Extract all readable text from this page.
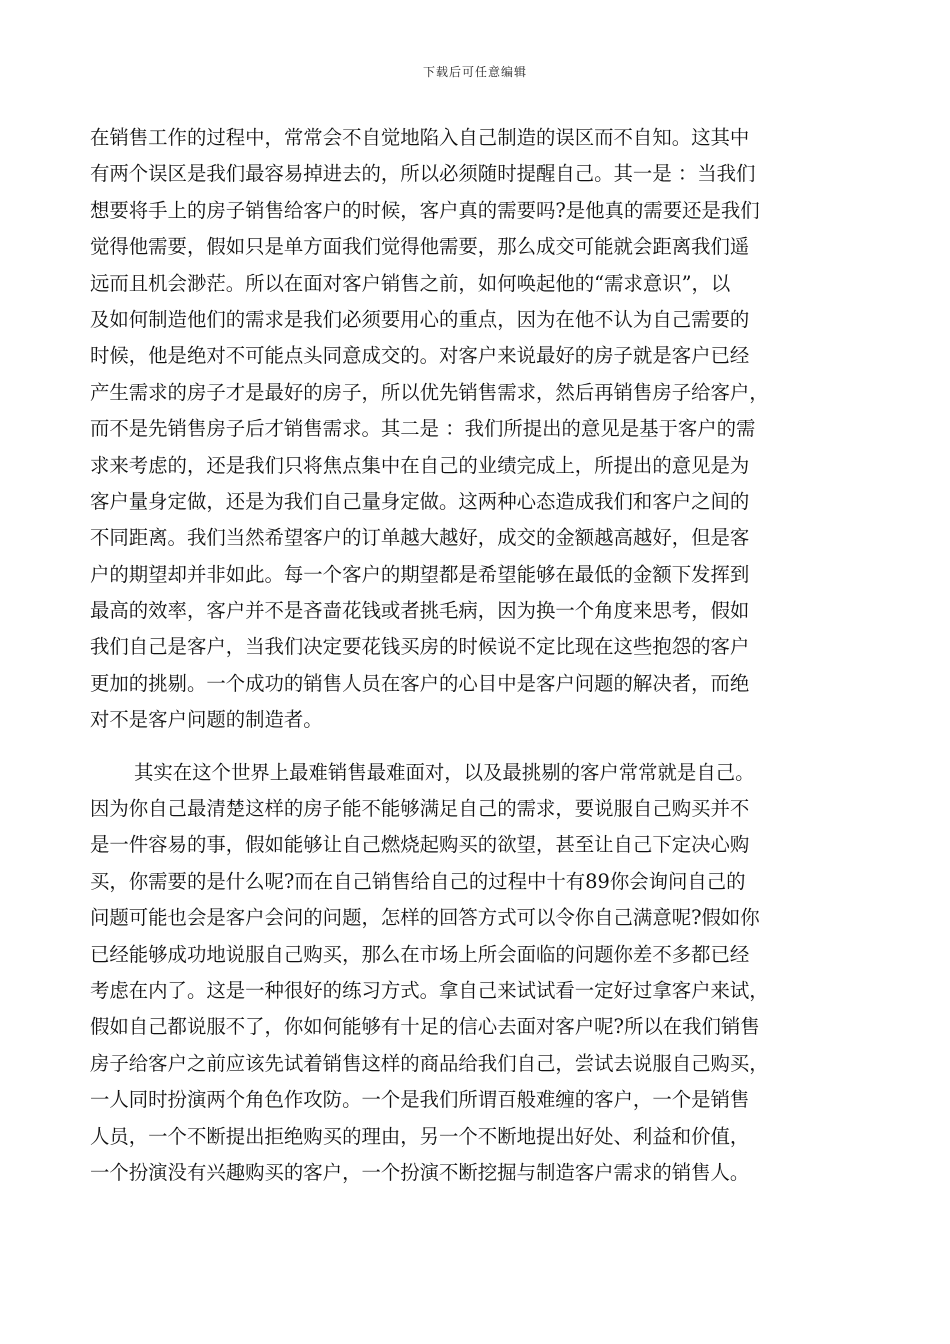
下载后可任意编辑
在销售工作的过程中，常常会不自觉地陷入自己制造的误区而不自知。这其中
有两个误区是我们最容易掉进去的，所以必须随时提醒自己。其一是 ：当我们
想要将手上的房子销售给客户的时候，客户真的需要吗?是他真的需要还是我们
觉得他需要，假如只是单方面我们觉得他需要，那么成交可能就会距离我们遥
远而且机会渺茫。所以在面对客户销售之前，如何唤起他的“需求意识”，以
及如何制造他们的需求是我们必须要用心的重点，因为在他不认为自己需要的
时候，他是绝对不可能点头同意成交的。对客户来说最好的房子就是客户已经
产生需求的房子才是最好的房子，所以优先销售需求，然后再销售房子给客户，
而不是先销售房子后才销售需求。其二是 ：我们所提出的意见是基于客户的需
求来考虑的，还是我们只将焦点集中在自己的业绩完成上，所提出的意见是为
客户量身定做，还是为我们自己量身定做。这两种心态造成我们和客户之间的
不同距离。我们当然希望客户的订单越大越好，成交的金额越高越好，但是客
户的期望却并非如此。每一个客户的期望都是希望能够在最低的金额下发挥到
最高的效率，客户并不是吝啬花钱或者挑毛病，因为换一个角度来思考，假如
我们自己是客户，当我们决定要花钱买房的时候说不定比现在这些抱怨的客户
更加的挑剔。一个成功的销售人员在客户的心目中是客户问题的解决者，而绝
对不是客户问题的制造者。
其实在这个世界上最难销售最难面对，以及最挑剔的客户常常就是自己。
因为你自己最清楚这样的房子能不能够满足自己的需求，要说服自己购买并不
是一件容易的事，假如能够让自己燃烧起购买的欲望，甚至让自己下定决心购
买，你需要的是什么呢?而在自己销售给自己的过程中十有89你会询问自己的
问题可能也会是客户会问的问题，怎样的回答方式可以令你自己满意呢?假如你
已经能够成功地说服自己购买，那么在市场上所会面临的问题你差不多都已经
考虑在内了。这是一种很好的练习方式。拿自己来试试看一定好过拿客户来试，
假如自己都说服不了，你如何能够有十足的信心去面对客户呢?所以在我们销售
房子给客户之前应该先试着销售这样的商品给我们自己，尝试去说服自己购买，
一人同时扮演两个角色作攻防。一个是我们所谓百般难缠的客户，一个是销售
人员，一个不断提出拒绝购买的理由，另一个不断地提出好处、利益和价值，
一个扮演没有兴趣购买的客户，一个扮演不断挖掘与制造客户需求的销售人。
